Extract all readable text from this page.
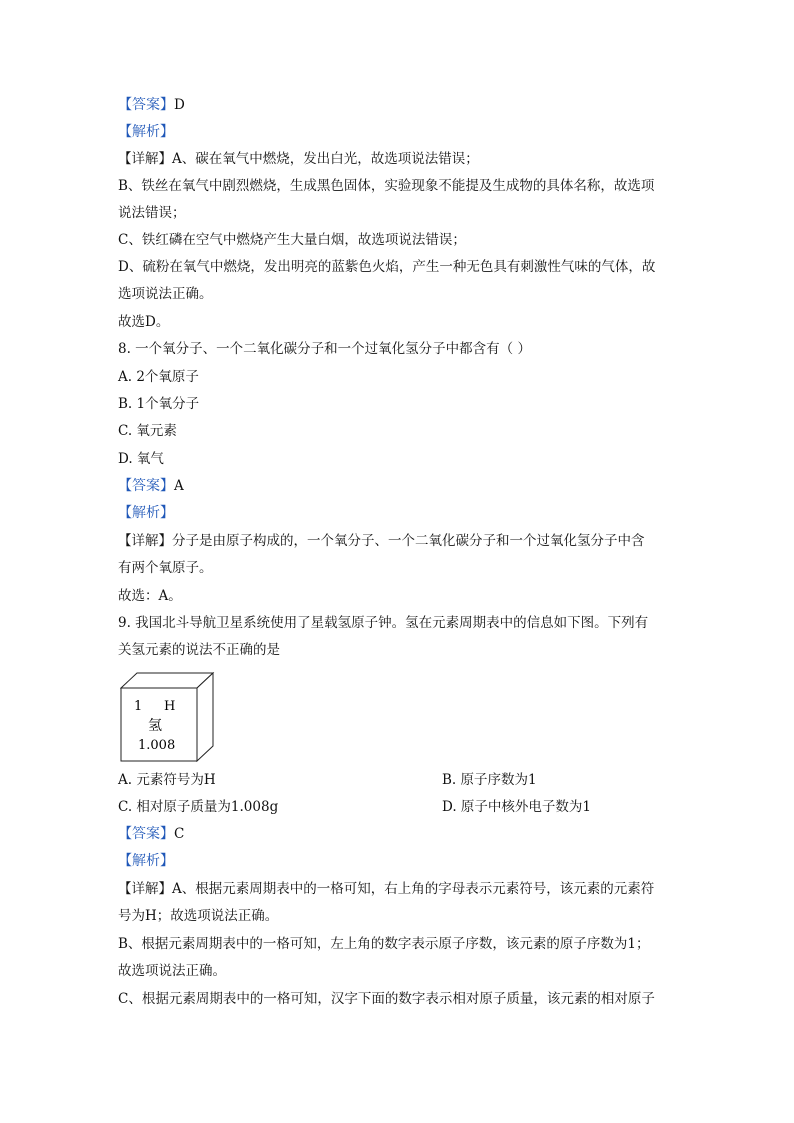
【答案】D
【解析】
【详解】A、碳在氧气中燃烧，发出白光，故选项说法错误；
B、铁丝在氧气中剧烈燃烧，生成黑色固体，实验现象不能提及生成物的具体名称，故选项
说法错误；
C、铁红磷在空气中燃烧产生大量白烟，故选项说法错误；
D、硫粉在氧气中燃烧，发出明亮的蓝紫色火焰，产生一种无色具有刺激性气味的气体，故
选项说法正确。
故选D。
8. 一个氧分子、一个二氧化碳分子和一个过氧化氢分子中都含有（ ）
A. 2个氧原子
B. 1个氧分子
C. 氧元素
D. 氧气
【答案】A
【解析】
【详解】分子是由原子构成的，一个氧分子、一个二氧化碳分子和一个过氧化氢分子中含
有两个氧原子。
故选：A。
9. 我国北斗导航卫星系统使用了星载氢原子钟。氢在元素周期表中的信息如下图。下列有
关氢元素的说法不正确的是
1 H
氢
1.008
A. 元素符号为H	B. 原子序数为1
C. 相对原子质量为1.008g	D. 原子中核外电子数为1
【答案】C
【解析】
【详解】A、根据元素周期表中的一格可知，右上角的字母表示元素符号，该元素的元素符
号为H；故选项说法正确。
B、根据元素周期表中的一格可知，左上角的数字表示原子序数，该元素的原子序数为1；
故选项说法正确。
C、根据元素周期表中的一格可知，汉字下面的数字表示相对原子质量，该元素的相对原子
